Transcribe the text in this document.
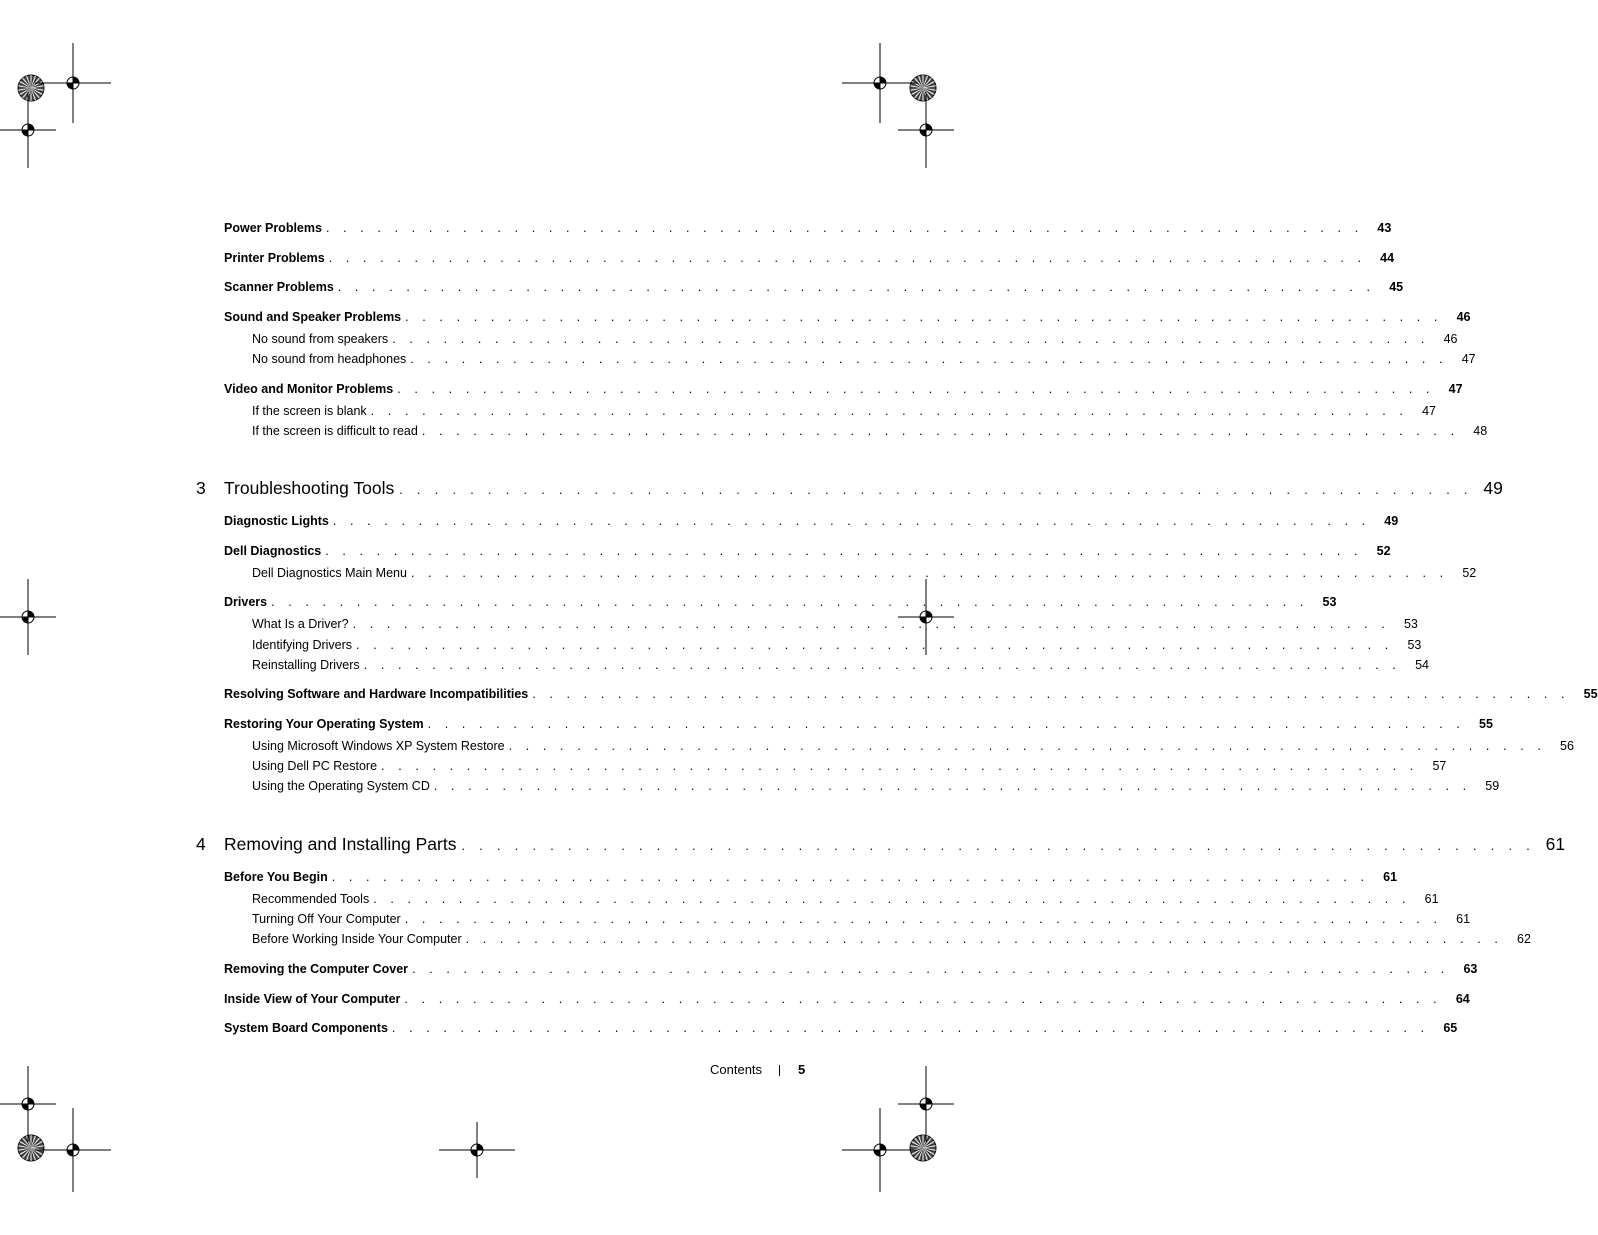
Power Problems . . . . . . . . . . . . . . . . . . . . . . . . . . . . . . . . . . . . . . . . . . . . . . . . . . . . . . . . . . . . .	43
Printer Problems . . . . . . . . . . . . . . . . . . . . . . . . . . . . . . . . . . . . . . . . . . . . . . . . . . . . . . . . . . . . .	44
Scanner Problems . . . . . . . . . . . . . . . . . . . . . . . . . . . . . . . . . . . . . . . . . . . . . . . . . . . . . . . . . . . . .	45
Sound and Speaker Problems . . . . . . . . . . . . . . . . . . . . . . . . . . . . . . . . . . . . . . . . . . . . . . . . . . . . . . . . . . . . .	46
No sound from speakers . . . . . . . . . . . . . . . . . . . . . . . . . . . . . . . . . . . . . . . . . . . . . . . . . . . . . . . . . . . . .	46
No sound from headphones . . . . . . . . . . . . . . . . . . . . . . . . . . . . . . . . . . . . . . . . . . . . . . . . . . . . . . . . . . . . .	47
Video and Monitor Problems . . . . . . . . . . . . . . . . . . . . . . . . . . . . . . . . . . . . . . . . . . . . . . . . . . . . . . . . . . . . .	47
If the screen is blank . . . . . . . . . . . . . . . . . . . . . . . . . . . . . . . . . . . . . . . . . . . . . . . . . . . . . . . . . . . . .	47
If the screen is difficult to read . . . . . . . . . . . . . . . . . . . . . . . . . . . . . . . . . . . . . . . . . . . . . . . . . . . . . . . . . . . . .	48
3	Troubleshooting Tools . . . . . . . . . . . . . . . . . . . . . . . . . . . . . . . . . . . . . . . . . . . . . . . . . . . . . . . . . . . . . 49
Diagnostic Lights . . . . . . . . . . . . . . . . . . . . . . . . . . . . . . . . . . . . . . . . . . . . . . . . . . . . . . . . . . . . .	49
Dell Diagnostics . . . . . . . . . . . . . . . . . . . . . . . . . . . . . . . . . . . . . . . . . . . . . . . . . . . . . . . . . . . . .	52
Dell Diagnostics Main Menu . . . . . . . . . . . . . . . . . . . . . . . . . . . . . . . . . . . . . . . . . . . . . . . . . . . . . . . . . . . . .	52
Drivers . . . . . . . . . . . . . . . . . . . . . . . . . . . . . . . . . . . . . . . . . . . . . . . . . . . . . . . . . . . . .	53
What Is a Driver? . . . . . . . . . . . . . . . . . . . . . . . . . . . . . . . . . . . . . . . . . . . . . . . . . . . . . . . . . . . . .	53
Identifying Drivers . . . . . . . . . . . . . . . . . . . . . . . . . . . . . . . . . . . . . . . . . . . . . . . . . . . . . . . . . . . . .	53
Reinstalling Drivers . . . . . . . . . . . . . . . . . . . . . . . . . . . . . . . . . . . . . . . . . . . . . . . . . . . . . . . . . . . . .	54
Resolving Software and Hardware Incompatibilities . . . . . . . . . . . . . . . . . . . . . . . . . . . . . . . . . . . . . . . . . . . . . . . . . . . . . . . . . . . . .	55
Restoring Your Operating System . . . . . . . . . . . . . . . . . . . . . . . . . . . . . . . . . . . . . . . . . . . . . . . . . . . . . . . . . . . . .	55
Using Microsoft Windows XP System Restore . . . . . . . . . . . . . . . . . . . . . . . . . . . . . . . . . . . . . . . . . . . . . . . . . . . . . . . . . . . . .	56
Using Dell PC Restore . . . . . . . . . . . . . . . . . . . . . . . . . . . . . . . . . . . . . . . . . . . . . . . . . . . . . . . . . . . . .	57
Using the Operating System CD . . . . . . . . . . . . . . . . . . . . . . . . . . . . . . . . . . . . . . . . . . . . . . . . . . . . . . . . . . . . .	59
4	Removing and Installing Parts . . . . . . . . . . . . . . . . . . . . . . . . . . . . . . . . . . . . . . . . . . . . . . . . . . . . . . . . . . . . . 61
Before You Begin . . . . . . . . . . . . . . . . . . . . . . . . . . . . . . . . . . . . . . . . . . . . . . . . . . . . . . . . . . . . .	61
Recommended Tools . . . . . . . . . . . . . . . . . . . . . . . . . . . . . . . . . . . . . . . . . . . . . . . . . . . . . . . . . . . . .	61
Turning Off Your Computer . . . . . . . . . . . . . . . . . . . . . . . . . . . . . . . . . . . . . . . . . . . . . . . . . . . . . . . . . . . . .	61
Before Working Inside Your Computer . . . . . . . . . . . . . . . . . . . . . . . . . . . . . . . . . . . . . . . . . . . . . . . . . . . . . . . . . . . . .	62
Removing the Computer Cover . . . . . . . . . . . . . . . . . . . . . . . . . . . . . . . . . . . . . . . . . . . . . . . . . . . . . . . . . . . . .	63
Inside View of Your Computer . . . . . . . . . . . . . . . . . . . . . . . . . . . . . . . . . . . . . . . . . . . . . . . . . . . . . . . . . . . . .	64
System Board Components . . . . . . . . . . . . . . . . . . . . . . . . . . . . . . . . . . . . . . . . . . . . . . . . . . . . . . . . . . . . .	65
Contents	5
